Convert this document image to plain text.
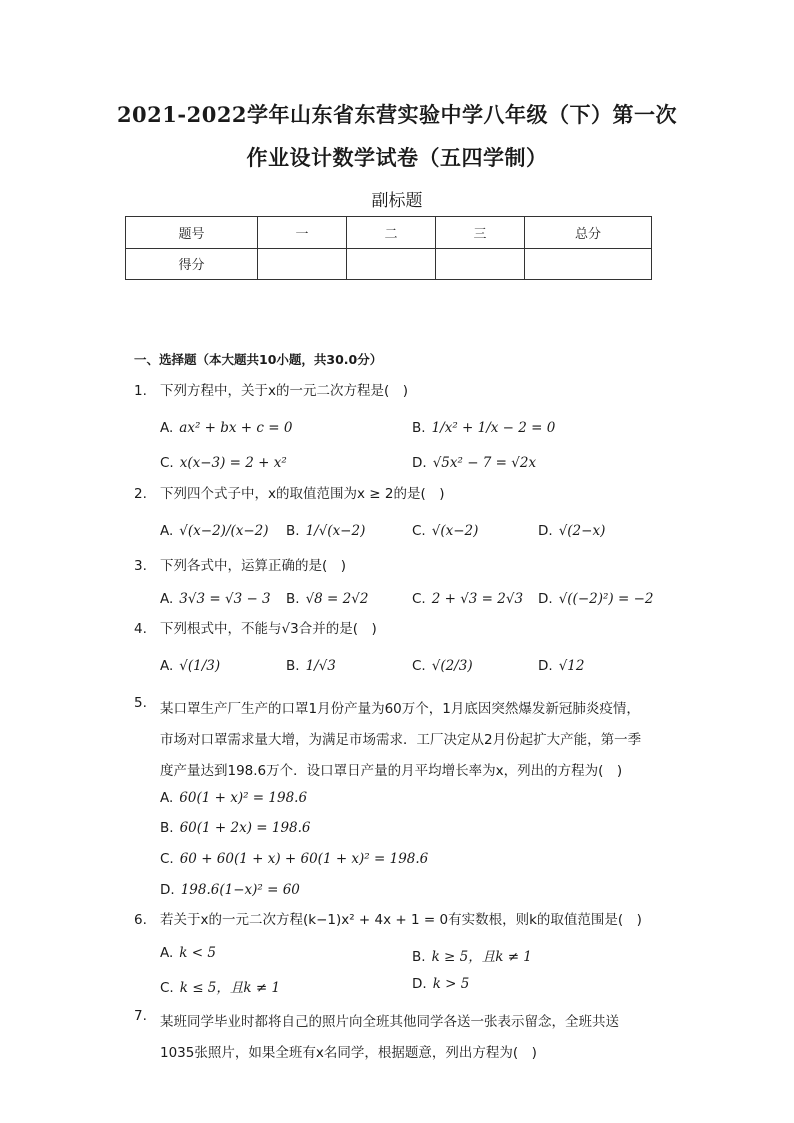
2021-2022学年山东省东营实验中学八年级（下）第一次
作业设计数学试卷（五四学制）
副标题
题号	一	二	三	总分
得分				
一、选择题（本大题共10小题，共30.0分）
1. 下列方程中，关于x的一元二次方程是(　)
A. ax² + bx + c = 0	B. 1/x² + 1/x − 2 = 0
C. x(x−3) = 2 + x²	D. √5x² − 7 = √2x
2. 下列四个式子中，x的取值范围为x ≥ 2的是(　)
A. √(x−2)/(x−2) B. 1/√(x−2)	C. √(x−2)	D. √(2−x)
3. 下列各式中，运算正确的是(　)
A. 3√3 = √3 − 3 B. √8 = 2√2	C. 2 + √3 = 2√3 D. √((−2)²) = −2
4. 下列根式中，不能与√3合并的是(　)
A. √(1/3)	B. 1/√3	C. √(2/3)	D. √12
5. 某口罩生产厂生产的口罩1月份产量为60万个，1月底因突然爆发新冠肺炎疫情，
市场对口罩需求量大增，为满足市场需求．工厂决定从2月份起扩大产能，第一季
度产量达到198.6万个．设口罩日产量的月平均增长率为x，列出的方程为(　)
A. 60(1 + x)² = 198.6
B. 60(1 + 2x) = 198.6
C. 60 + 60(1 + x) + 60(1 + x)² = 198.6
D. 198.6(1−x)² = 60
6. 若关于x的一元二次方程(k−1)x² + 4x + 1 = 0有实数根，则k的取值范围是(　)
A. k < 5	B. k ≥ 5，且k ≠ 1
C. k ≤ 5，且k ≠ 1	D. k > 5
7. 某班同学毕业时都将自己的照片向全班其他同学各送一张表示留念，全班共送
1035张照片，如果全班有x名同学，根据题意，列出方程为(　)
